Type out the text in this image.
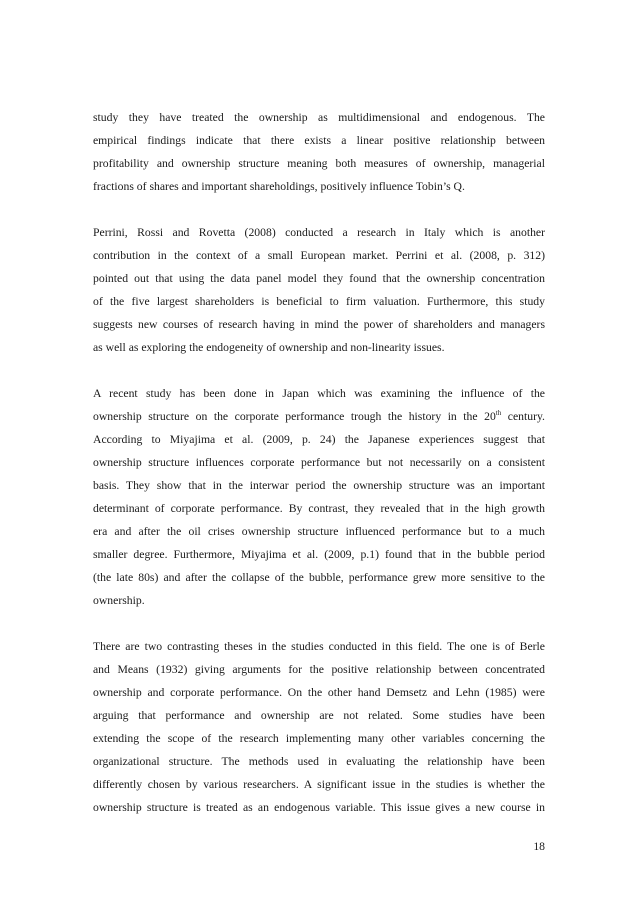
study they have treated the ownership as multidimensional and endogenous. The
empirical findings indicate that there exists a linear positive relationship between
profitability and ownership structure meaning both measures of ownership, managerial
fractions of shares and important shareholdings, positively influence Tobin’s Q.

Perrini, Rossi and Rovetta (2008) conducted a research in Italy which is another
contribution in the context of a small European market. Perrini et al. (2008, p. 312)
pointed out that using the data panel model they found that the ownership concentration
of the five largest shareholders is beneficial to firm valuation. Furthermore, this study
suggests new courses of research having in mind the power of shareholders and managers
as well as exploring the endogeneity of ownership and non-linearity issues.

A recent study has been done in Japan which was examining the influence of the
ownership structure on the corporate performance trough the history in the 20th century.
According to Miyajima et al. (2009, p. 24) the Japanese experiences suggest that
ownership structure influences corporate performance but not necessarily on a consistent
basis. They show that in the interwar period the ownership structure was an important
determinant of corporate performance. By contrast, they revealed that in the high growth
era and after the oil crises ownership structure influenced performance but to a much
smaller degree. Furthermore, Miyajima et al. (2009, p.1) found that in the bubble period
(the late 80s) and after the collapse of the bubble, performance grew more sensitive to the
ownership.

There are two contrasting theses in the studies conducted in this field. The one is of Berle
and Means (1932) giving arguments for the positive relationship between concentrated
ownership and corporate performance. On the other hand Demsetz and Lehn (1985) were
arguing that performance and ownership are not related. Some studies have been
extending the scope of the research implementing many other variables concerning the
organizational structure. The methods used in evaluating the relationship have been
differently chosen by various researchers. A significant issue in the studies is whether the
ownership structure is treated as an endogenous variable. This issue gives a new course in

18
